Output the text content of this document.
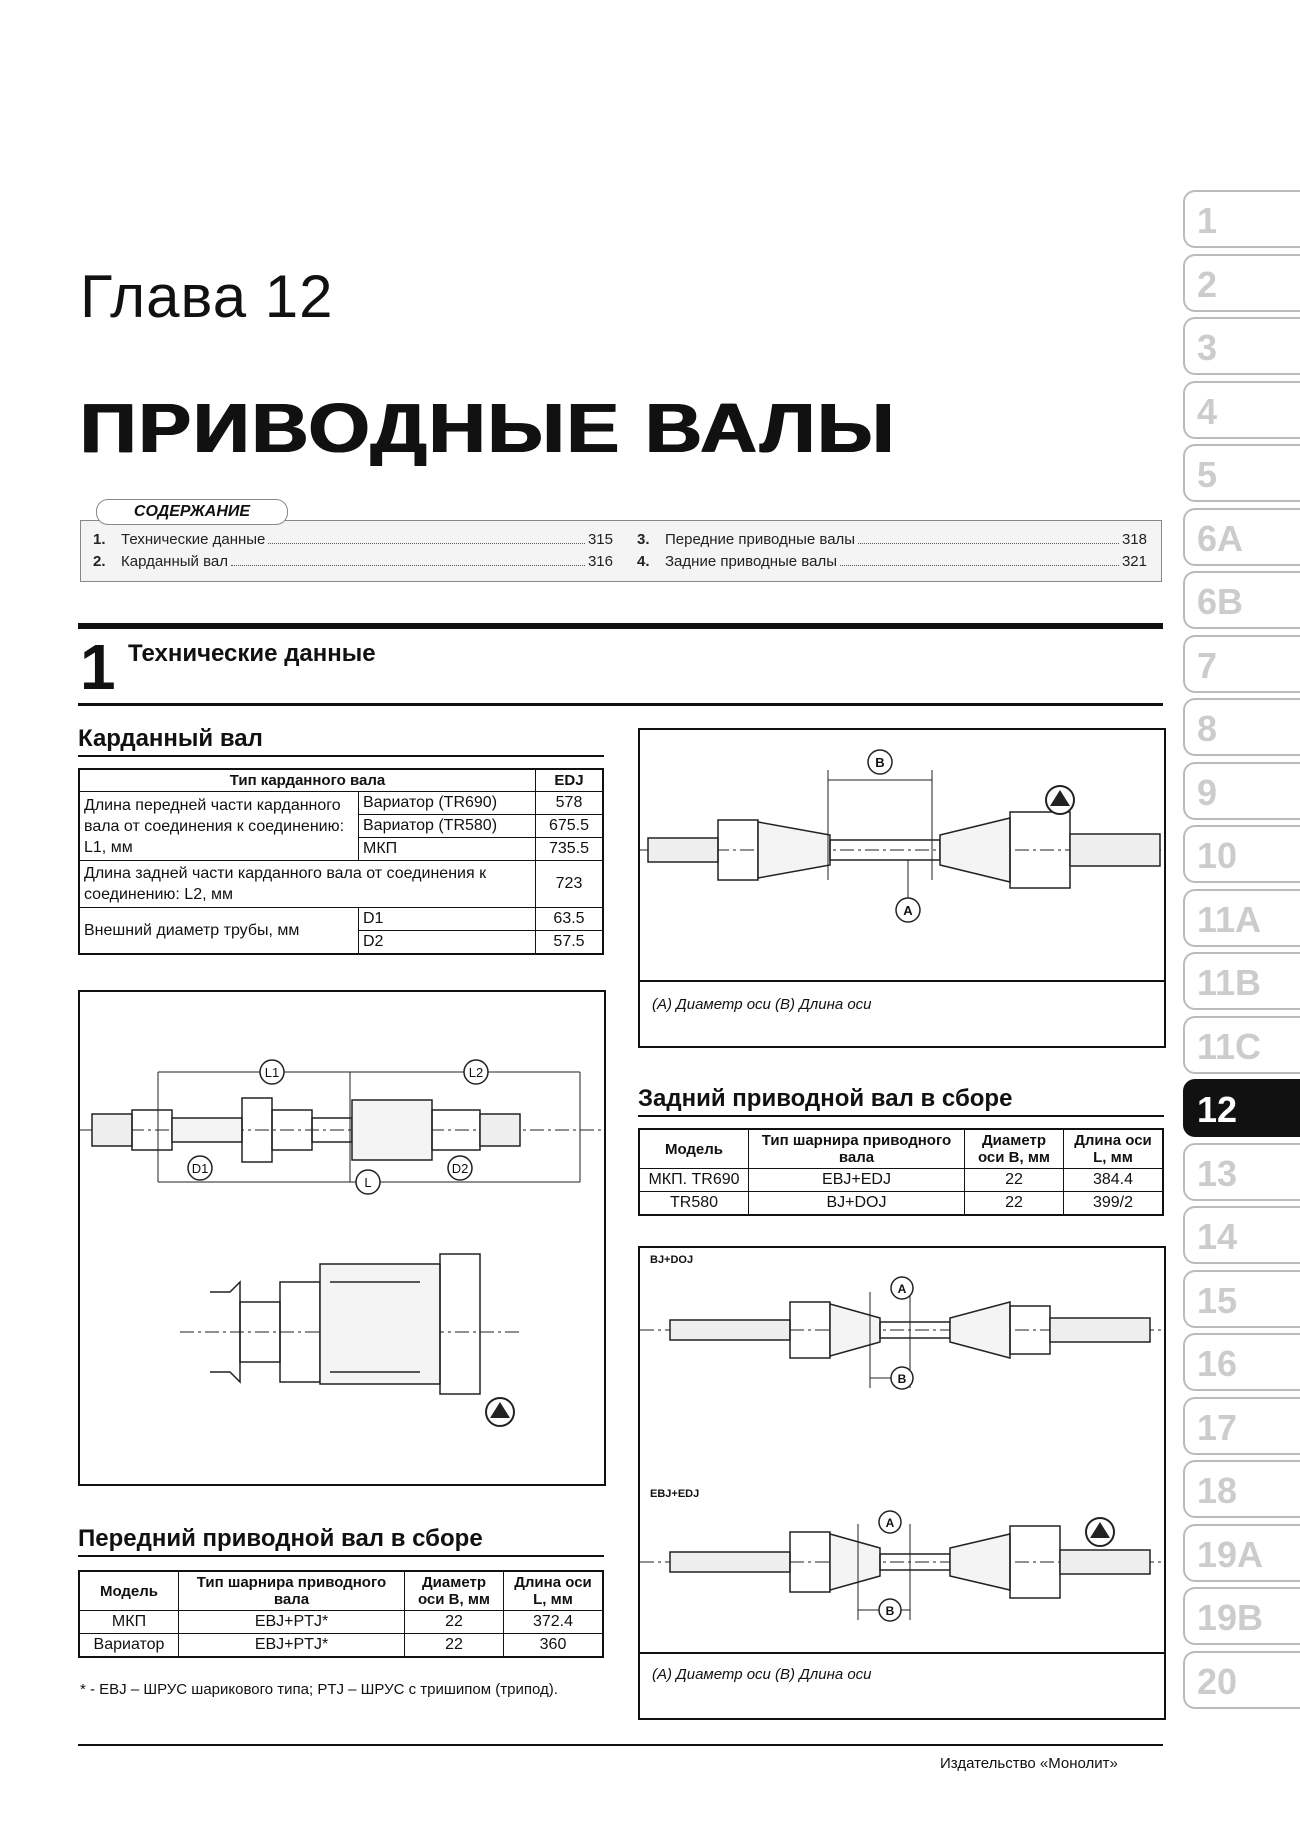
Глава 12
ПРИВОДНЫЕ ВАЛЫ
1.	Технические данные	315
2.	Карданный вал	316
3.	Передние приводные валы	318
4.	Задние приводные валы	321
СОДЕРЖАНИЕ
1 Технические данные
Карданный вал
Тип карданного вала		EDJ
Длина передней части карданного вала от соединения к соединению: L1, мм	Вариатор (TR690)	578
	Вариатор (TR580)	675.5
	МКП	735.5
Длина задней части карданного вала от соединения к соединению: L2, мм		723
Внешний диаметр трубы, мм	D1	63.5
	D2	57.5
L1	L2
L
D1	D2
Передний приводной вал в сборе
Модель	Тип шарнира приводного вала	Диаметр оси B, мм	Длина оси L, мм
МКП	EBJ+PTJ*	22	372.4
Вариатор	EBJ+PTJ*	22	360
* - EBJ – ШРУС шарикового типа; PTJ – ШРУС с тришипом (трипод).
B
A
(A) Диаметр оси (B) Длина оси
Задний приводной вал в сборе
Модель	Тип шарнира приводного вала	Диаметр оси B, мм	Длина оси L, мм
МКП. TR690	EBJ+EDJ	22	384.4
TR580	BJ+DOJ	22	399/2
BJ+DOJ
EBJ+EDJ
A
B
A
B
(A) Диаметр оси (B) Длина оси
Издательство «Монолит»
1
2
3
4
5
6A
6B
7
8
9
10
11A
11B
11C
12
13
14
15
16
17
18
19A
19B
20
